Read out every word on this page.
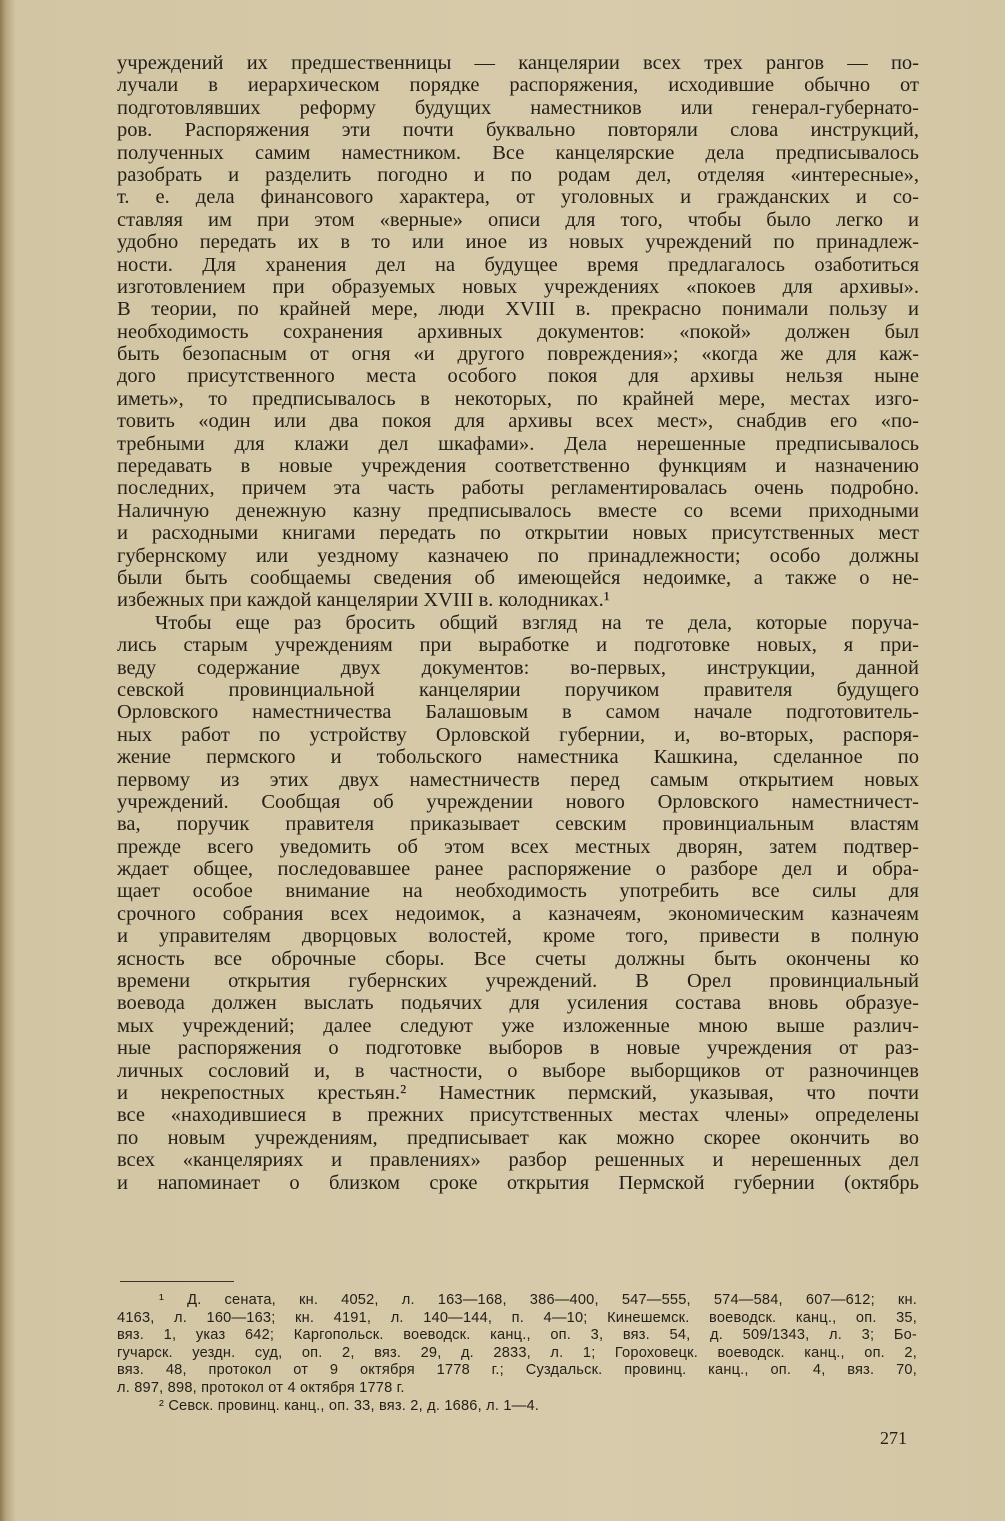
учреждений их предшественницы — канцелярии всех трех рангов — по-
лучали в иерархическом порядке распоряжения, исходившие обычно от
подготовлявших реформу будущих наместников или генерал-губернато-
ров. Распоряжения эти почти буквально повторяли слова инструкций,
полученных самим наместником. Все канцелярские дела предписывалось
разобрать и разделить погодно и по родам дел, отделяя «интересные»,
т. е. дела финансового характера, от уголовных и гражданских и со-
ставляя им при этом «верные» описи для того, чтобы было легко и
удобно передать их в то или иное из новых учреждений по принадлеж-
ности. Для хранения дел на будущее время предлагалось озаботиться
изготовлением при образуемых новых учреждениях «покоев для архивы».
В теории, по крайней мере, люди XVIII в. прекрасно понимали пользу и
необходимость сохранения архивных документов: «покой» должен был
быть безопасным от огня «и другого повреждения»; «когда же для каж-
дого присутственного места особого покоя для архивы нельзя ныне
иметь», то предписывалось в некоторых, по крайней мере, местах изго-
товить «один или два покоя для архивы всех мест», снабдив его «по-
требными для клажи дел шкафами». Дела нерешенные предписывалось
передавать в новые учреждения соответственно функциям и назначению
последних, причем эта часть работы регламентировалась очень подробно.
Наличную денежную казну предписывалось вместе со всеми приходными
и расходными книгами передать по открытии новых присутственных мест
губернскому или уездному казначею по принадлежности; особо должны
были быть сообщаемы сведения об имеющейся недоимке, а также о не-
избежных при каждой канцелярии XVIII в. колодниках.¹
Чтобы еще раз бросить общий взгляд на те дела, которые поруча-
лись старым учреждениям при выработке и подготовке новых, я при-
веду содержание двух документов: во-первых, инструкции, данной
севской провинциальной канцелярии поручиком правителя будущего
Орловского наместничества Балашовым в самом начале подготовитель-
ных работ по устройству Орловской губернии, и, во-вторых, распоря-
жение пермского и тобольского наместника Кашкина, сделанное по
первому из этих двух наместничеств перед самым открытием новых
учреждений. Сообщая об учреждении нового Орловского наместничест-
ва, поручик правителя приказывает севским провинциальным властям
прежде всего уведомить об этом всех местных дворян, затем подтвер-
ждает общее, последовавшее ранее распоряжение о разборе дел и обра-
щает особое внимание на необходимость употребить все силы для
срочного собрания всех недоимок, а казначеям, экономическим казначеям
и управителям дворцовых волостей, кроме того, привести в полную
ясность все оброчные сборы. Все счеты должны быть окончены ко
времени открытия губернских учреждений. В Орел провинциальный
воевода должен выслать подьячих для усиления состава вновь образуе-
мых учреждений; далее следуют уже изложенные мною выше различ-
ные распоряжения о подготовке выборов в новые учреждения от раз-
личных сословий и, в частности, о выборе выборщиков от разночинцев
и некрепостных крестьян.² Наместник пермский, указывая, что почти
все «находившиеся в прежних присутственных местах члены» определены
по новым учреждениям, предписывает как можно скорее окончить во
всех «канцеляриях и правлениях» разбор решенных и нерешенных дел
и напоминает о близком сроке открытия Пермской губернии (октябрь
¹ Д. сената, кн. 4052, л. 163—168, 386—400, 547—555, 574—584, 607—612; кн.
4163, л. 160—163; кн. 4191, л. 140—144, п. 4—10; Кинешемск. воеводск. канц., оп. 35,
вяз. 1, указ 642; Каргопольск. воеводск. канц., оп. 3, вяз. 54, д. 509/1343, л. 3; Бо-
гучарск. уездн. суд, оп. 2, вяз. 29, д. 2833, л. 1; Гороховецк. воеводск. канц., оп. 2,
вяз. 48, протокол от 9 октября 1778 г.; Суздальск. провинц. канц., оп. 4, вяз. 70,
л. 897, 898, протокол от 4 октября 1778 г.
² Севск. провинц. канц., оп. 33, вяз. 2, д. 1686, л. 1—4.
271
